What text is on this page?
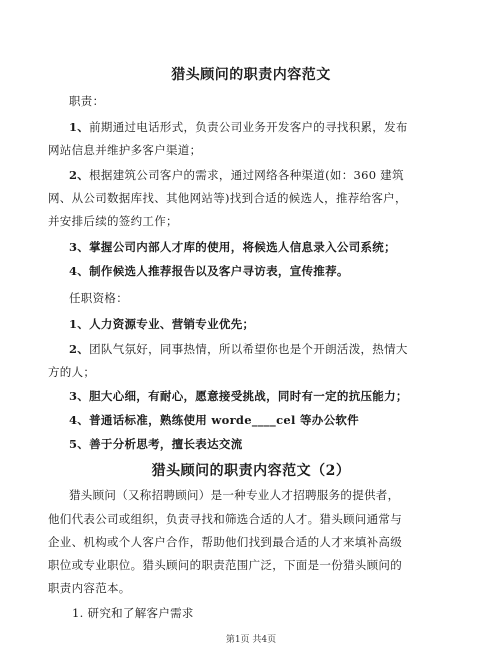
猎头顾问的职责内容范文
职责：
1、前期通过电话形式，负责公司业务开发客户的寻找积累，发布
网站信息并维护多客户渠道；
2、根据建筑公司客户的需求，通过网络各种渠道(如：360 建筑
网、从公司数据库找、其他网站等)找到合适的候选人，推荐给客户，
并安排后续的签约工作；
3、掌握公司内部人才库的使用，将候选人信息录入公司系统；
4、制作候选人推荐报告以及客户寻访表，宣传推荐。
任职资格：
1、人力资源专业、营销专业优先；
2、团队气氛好，同事热情，所以希望你也是个开朗活泼，热情大
方的人；
3、胆大心细，有耐心，愿意接受挑战，同时有一定的抗压能力；
4、普通话标准，熟练使用 worde____cel 等办公软件
5、善于分析思考，擅长表达交流
猎头顾问的职责内容范文（2）
猎头顾问（又称招聘顾问）是一种专业人才招聘服务的提供者，
他们代表公司或组织，负责寻找和筛选合适的人才。猎头顾问通常与
企业、机构或个人客户合作，帮助他们找到最合适的人才来填补高级
职位或专业职位。猎头顾问的职责范围广泛，下面是一份猎头顾问的
职责内容范本。
1. 研究和了解客户需求
第1页 共4页
